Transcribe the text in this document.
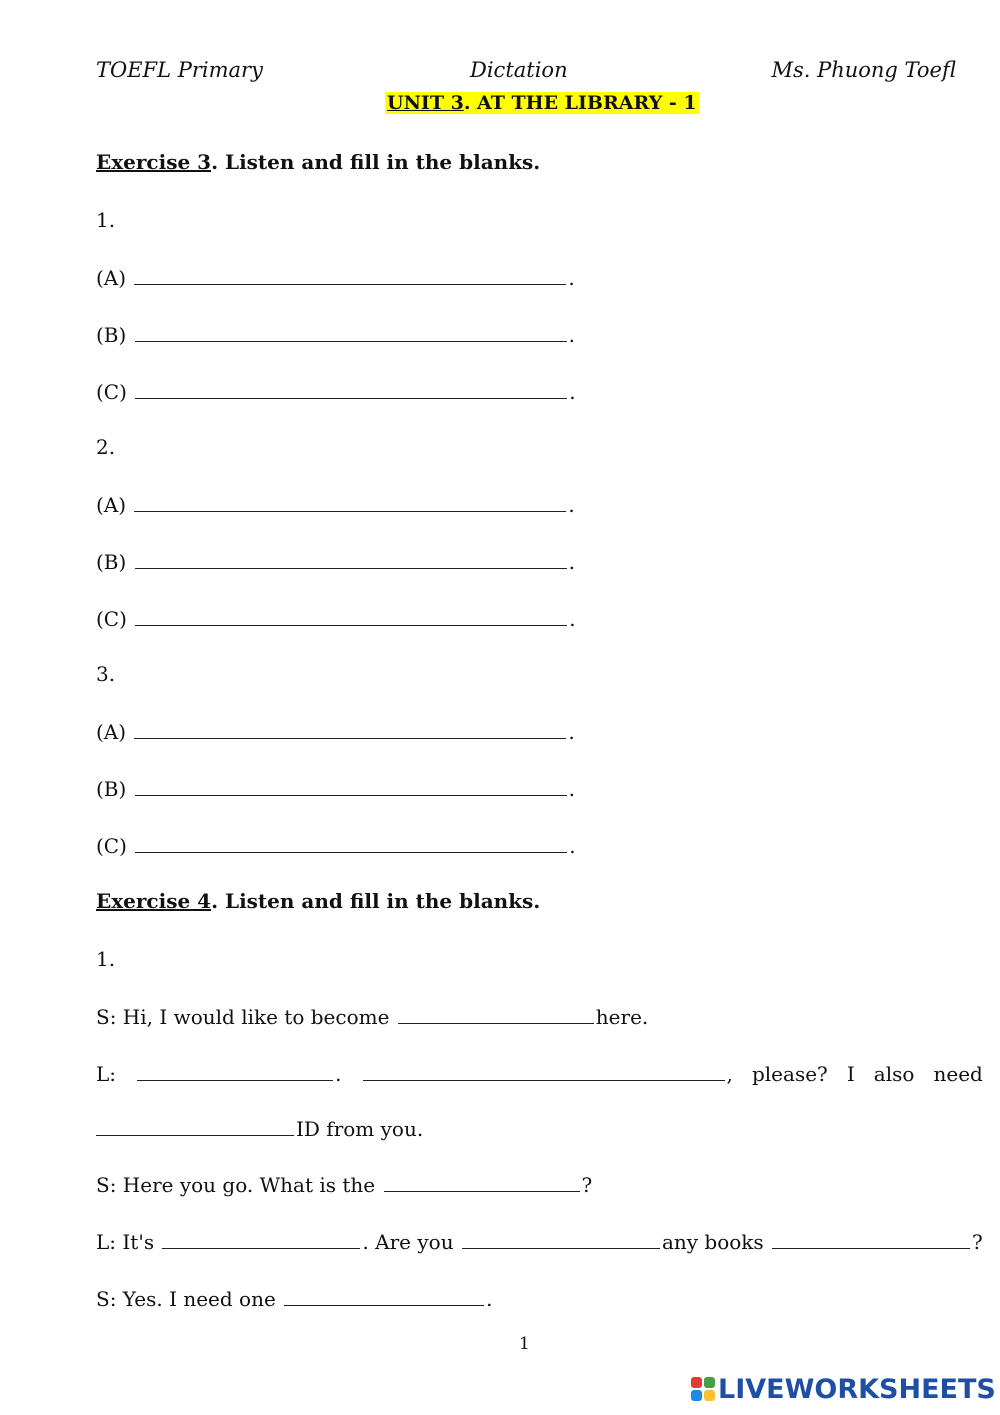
TOEFL Primary	Dictation	Ms. Phuong Toefl
UNIT 3. AT THE LIBRARY - 1
Exercise 3. Listen and fill in the blanks.
1.
(A)	.
(B)	.
(C)	.
2.
(A)	.
(B)	.
(C)	.
3.
(A)	.
(B)	.
(C)	.
Exercise 4. Listen and fill in the blanks.
1.
S: Hi, I would like to become	here.
L:	.	, please?   I   also   need
ID from you.
S: Here you go. What is the	?
L: It's	. Are you	any books	?
S: Yes. I need one	.
1
LIVEWORKSHEETS
